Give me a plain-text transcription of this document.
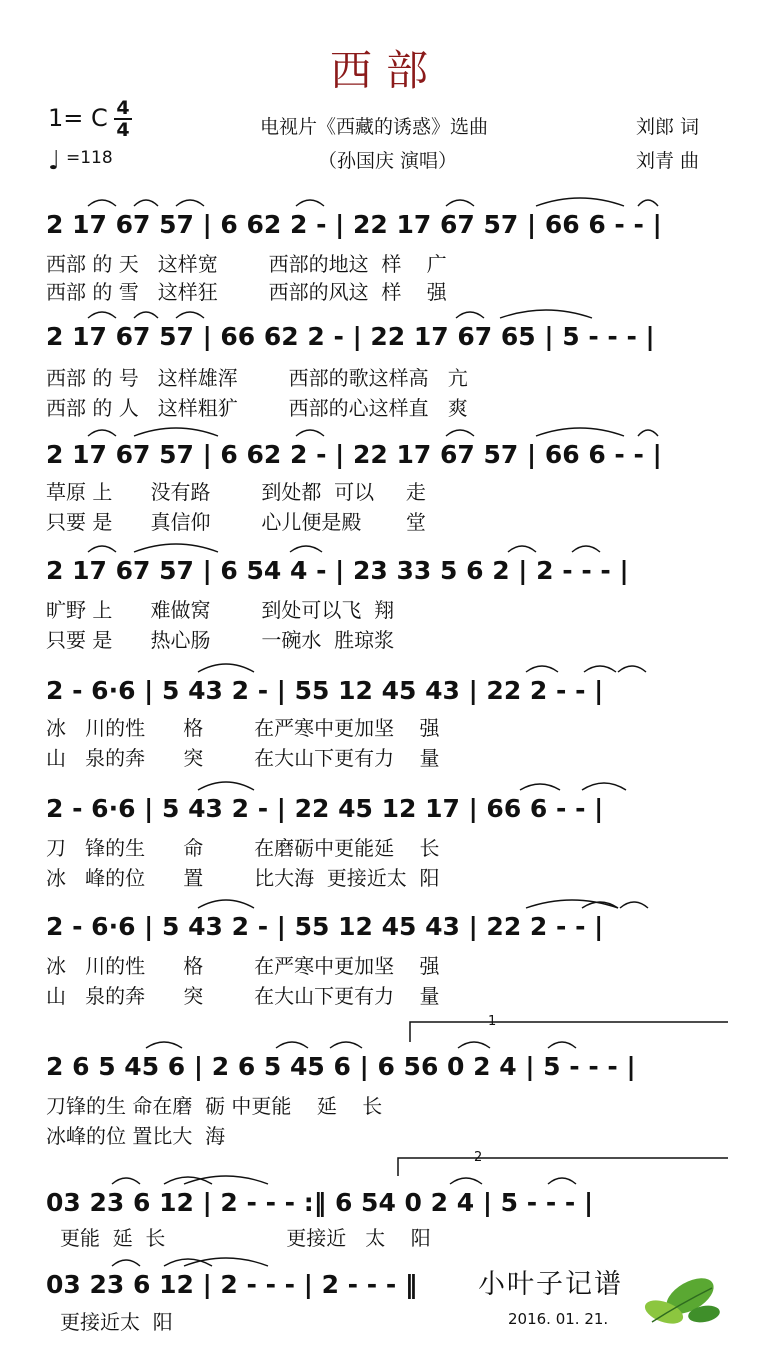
西部
1= C 4
4
♩ =118
电视片《西藏的诱惑》选曲
（孙国庆 演唱）
刘郎 词
刘青 曲
2 17 67 57 | 6 62 2 - | 22 17 67 57 | 66 6 - - |
西部 的 天   这样宽        西部的地这  样    广
西部 的 雪   这样狂        西部的风这  样    强
2 17 67 57 | 66 62 2 - | 22 17 67 65 | 5 - - - |
西部 的 号   这样雄浑        西部的歌这样高   亢
西部 的 人   这样粗犷        西部的心这样直   爽
2 17 67 57 | 6 62 2 - | 22 17 67 57 | 66 6 - - |
草原 上      没有路        到处都  可以     走
只要 是      真信仰        心儿便是殿       堂
2 17 67 57 | 6 54 4 - | 23 33 5 6 2 | 2 - - - |
旷野 上      难做窝        到处可以飞  翔
只要 是      热心肠        一碗水  胜琼浆
2 - 6·6 | 5 43 2 - | 55 12 45 43 | 22 2 - - |
冰   川的性      格        在严寒中更加坚    强
山   泉的奔      突        在大山下更有力    量
2 - 6·6 | 5 43 2 - | 22 45 12 17 | 66 6 - - |
刀   锋的生      命        在磨砺中更能延    长
冰   峰的位      置        比大海  更接近太  阳
2 - 6·6 | 5 43 2 - | 55 12 45 43 | 22 2 - - |
冰   川的性      格        在严寒中更加坚    强
山   泉的奔      突        在大山下更有力    量
2 6 5 45 6 | 2 6 5 45 6 | 6 56 0 2 4 | 5 - - - |
刀锋的生 命在磨  砺 中更能    延    长
冰峰的位 置比大  海
1
03 23 6 12 | 2 - - - :‖ 6 54 0 2 4 | 5 - - - |
更能  延  长                   更接近   太    阳
2
03 23 6 12 | 2 - - - | 2 - - - ‖
更接近太  阳
小叶子记谱
2016. 01. 21.
